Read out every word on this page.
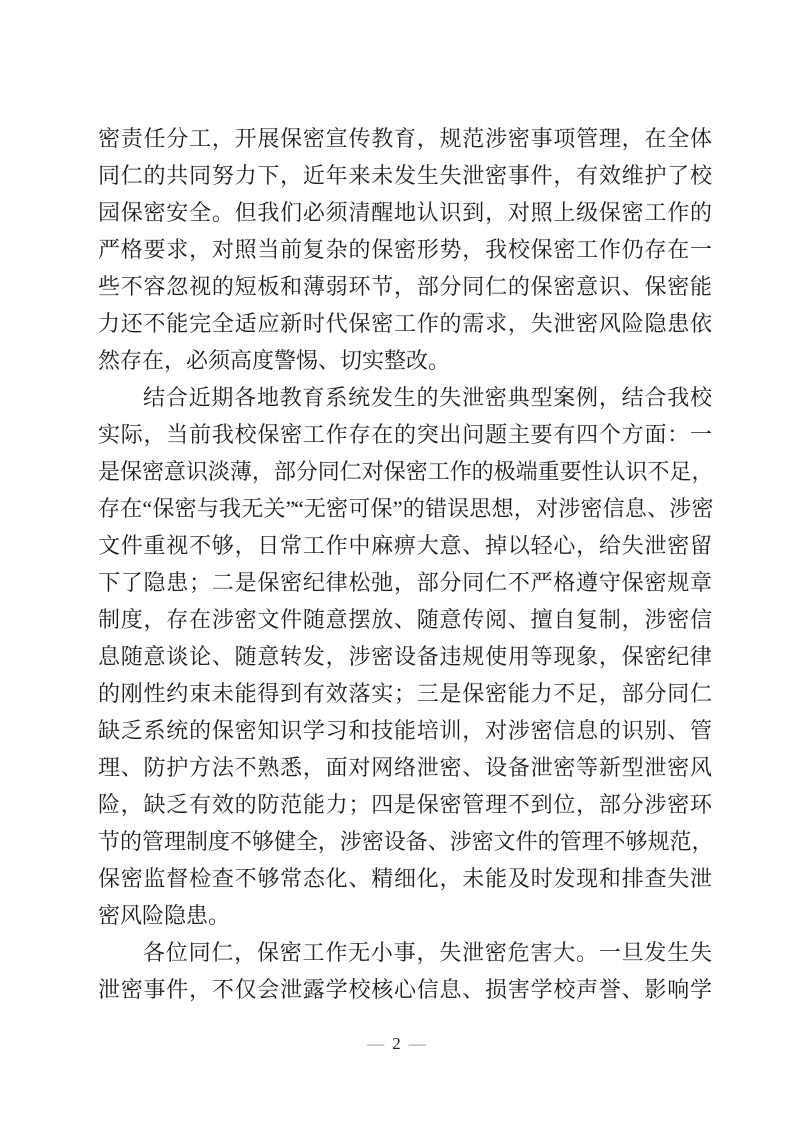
密责任分工，开展保密宣传教育，规范涉密事项管理，在全体
同仁的共同努力下，近年来未发生失泄密事件，有效维护了校
园保密安全。但我们必须清醒地认识到，对照上级保密工作的
严格要求，对照当前复杂的保密形势，我校保密工作仍存在一
些不容忽视的短板和薄弱环节，部分同仁的保密意识、保密能
力还不能完全适应新时代保密工作的需求，失泄密风险隐患依
然存在，必须高度警惕、切实整改。
结合近期各地教育系统发生的失泄密典型案例，结合我校
实际，当前我校保密工作存在的突出问题主要有四个方面：一
是保密意识淡薄，部分同仁对保密工作的极端重要性认识不足，
存在“保密与我无关”“无密可保”的错误思想，对涉密信息、涉密
文件重视不够，日常工作中麻痹大意、掉以轻心，给失泄密留
下了隐患；二是保密纪律松弛，部分同仁不严格遵守保密规章
制度，存在涉密文件随意摆放、随意传阅、擅自复制，涉密信
息随意谈论、随意转发，涉密设备违规使用等现象，保密纪律
的刚性约束未能得到有效落实；三是保密能力不足，部分同仁
缺乏系统的保密知识学习和技能培训，对涉密信息的识别、管
理、防护方法不熟悉，面对网络泄密、设备泄密等新型泄密风
险，缺乏有效的防范能力；四是保密管理不到位，部分涉密环
节的管理制度不够健全，涉密设备、涉密文件的管理不够规范，
保密监督检查不够常态化、精细化，未能及时发现和排查失泄
密风险隐患。
各位同仁，保密工作无小事，失泄密危害大。一旦发生失
泄密事件，不仅会泄露学校核心信息、损害学校声誉、影响学
— 2 —
